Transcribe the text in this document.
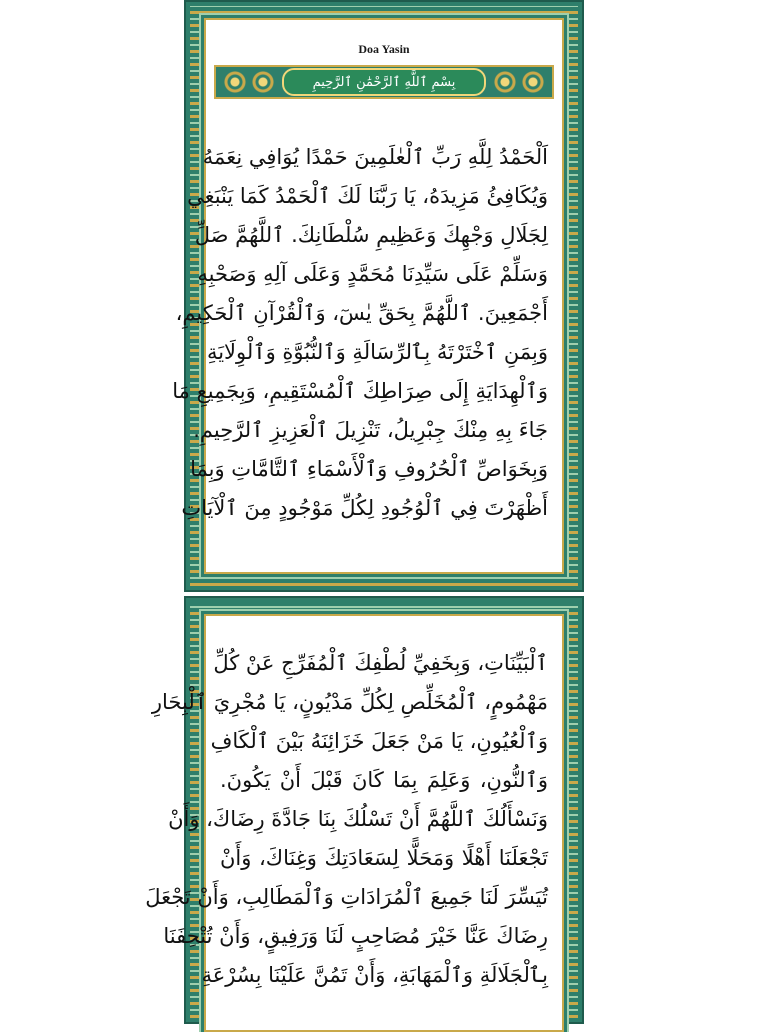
Doa Yasin
بِسْمِ ٱللَّهِ ٱلرَّحْمَٰنِ ٱلرَّحِيمِ
اَلْحَمْدُ لِلَّهِ رَبِّ ٱلْعٰلَمِينَ حَمْدًا يُوَافِي نِعَمَهُ
وَيُكَافِئُ مَزِيدَهُ، يَا رَبَّنَا لَكَ ٱلْحَمْدُ كَمَا يَنْبَغِي
لِجَلَالِ وَجْهِكَ وَعَظِيمِ سُلْطَانِكَ. ٱللَّهُمَّ صَلِّ
وَسَلِّمْ عَلَى سَيِّدِنَا مُحَمَّدٍ وَعَلَى آلِهِ وَصَحْبِهِ
أَجْمَعِينَ. ٱللَّهُمَّ بِحَقِّ يٰسٓ، وَٱلْقُرْآنِ ٱلْحَكِيمِ،
وَبِمَنِ ٱخْتَرْتَهُ بِٱلرِّسَالَةِ وَٱلنُّبُوَّةِ وَٱلْوِلَايَةِ
وَٱلْهِدَايَةِ إِلَى صِرَاطِكَ ٱلْمُسْتَقِيمِ، وَبِجَمِيعِ مَا
جَاءَ بِهِ مِنْكَ جِبْرِيلُ، تَنْزِيلَ ٱلْعَزِيزِ ٱلرَّحِيمِ.
وَبِخَوَاصِّ ٱلْحُرُوفِ وَٱلْأَسْمَاءِ ٱلتَّامَّاتِ وَبِمَا
أَظْهَرْتَ فِي ٱلْوُجُودِ لِكُلِّ مَوْجُودٍ مِنَ ٱلْآيَاتِ
ٱلْبَيِّنَاتِ، وَبِخَفِيِّ لُطْفِكَ ٱلْمُفَرِّجِ عَنْ كُلِّ
مَهْمُومٍ، ٱلْمُخَلِّصِ لِكُلِّ مَدْيُونٍ، يَا مُجْرِيَ ٱلْبِحَارِ
وَٱلْعُيُونِ، يَا مَنْ جَعَلَ خَزَائِنَهُ بَيْنَ ٱلْكَافِ
وَٱلنُّونِ، وَعَلِمَ بِمَا كَانَ قَبْلَ أَنْ يَكُونَ.
وَنَسْأَلُكَ ٱللَّهُمَّ أَنْ تَسْلُكَ بِنَا جَادَّةَ رِضَاكَ، وَأَنْ
تَجْعَلَنَا أَهْلًا وَمَحَلًّا لِسَعَادَتِكَ وَغِنَاكَ، وَأَنْ
تُيَسِّرَ لَنَا جَمِيعَ ٱلْمُرَادَاتِ وَٱلْمَطَالِبِ، وَأَنْ تَجْعَلَ
رِضَاكَ عَنَّا خَيْرَ مُصَاحِبٍ لَنَا وَرَفِيقٍ، وَأَنْ تُتْحِفَنَا
بِٱلْجَلَالَةِ وَٱلْمَهَابَةِ، وَأَنْ تَمُنَّ عَلَيْنَا بِسُرْعَةِ
